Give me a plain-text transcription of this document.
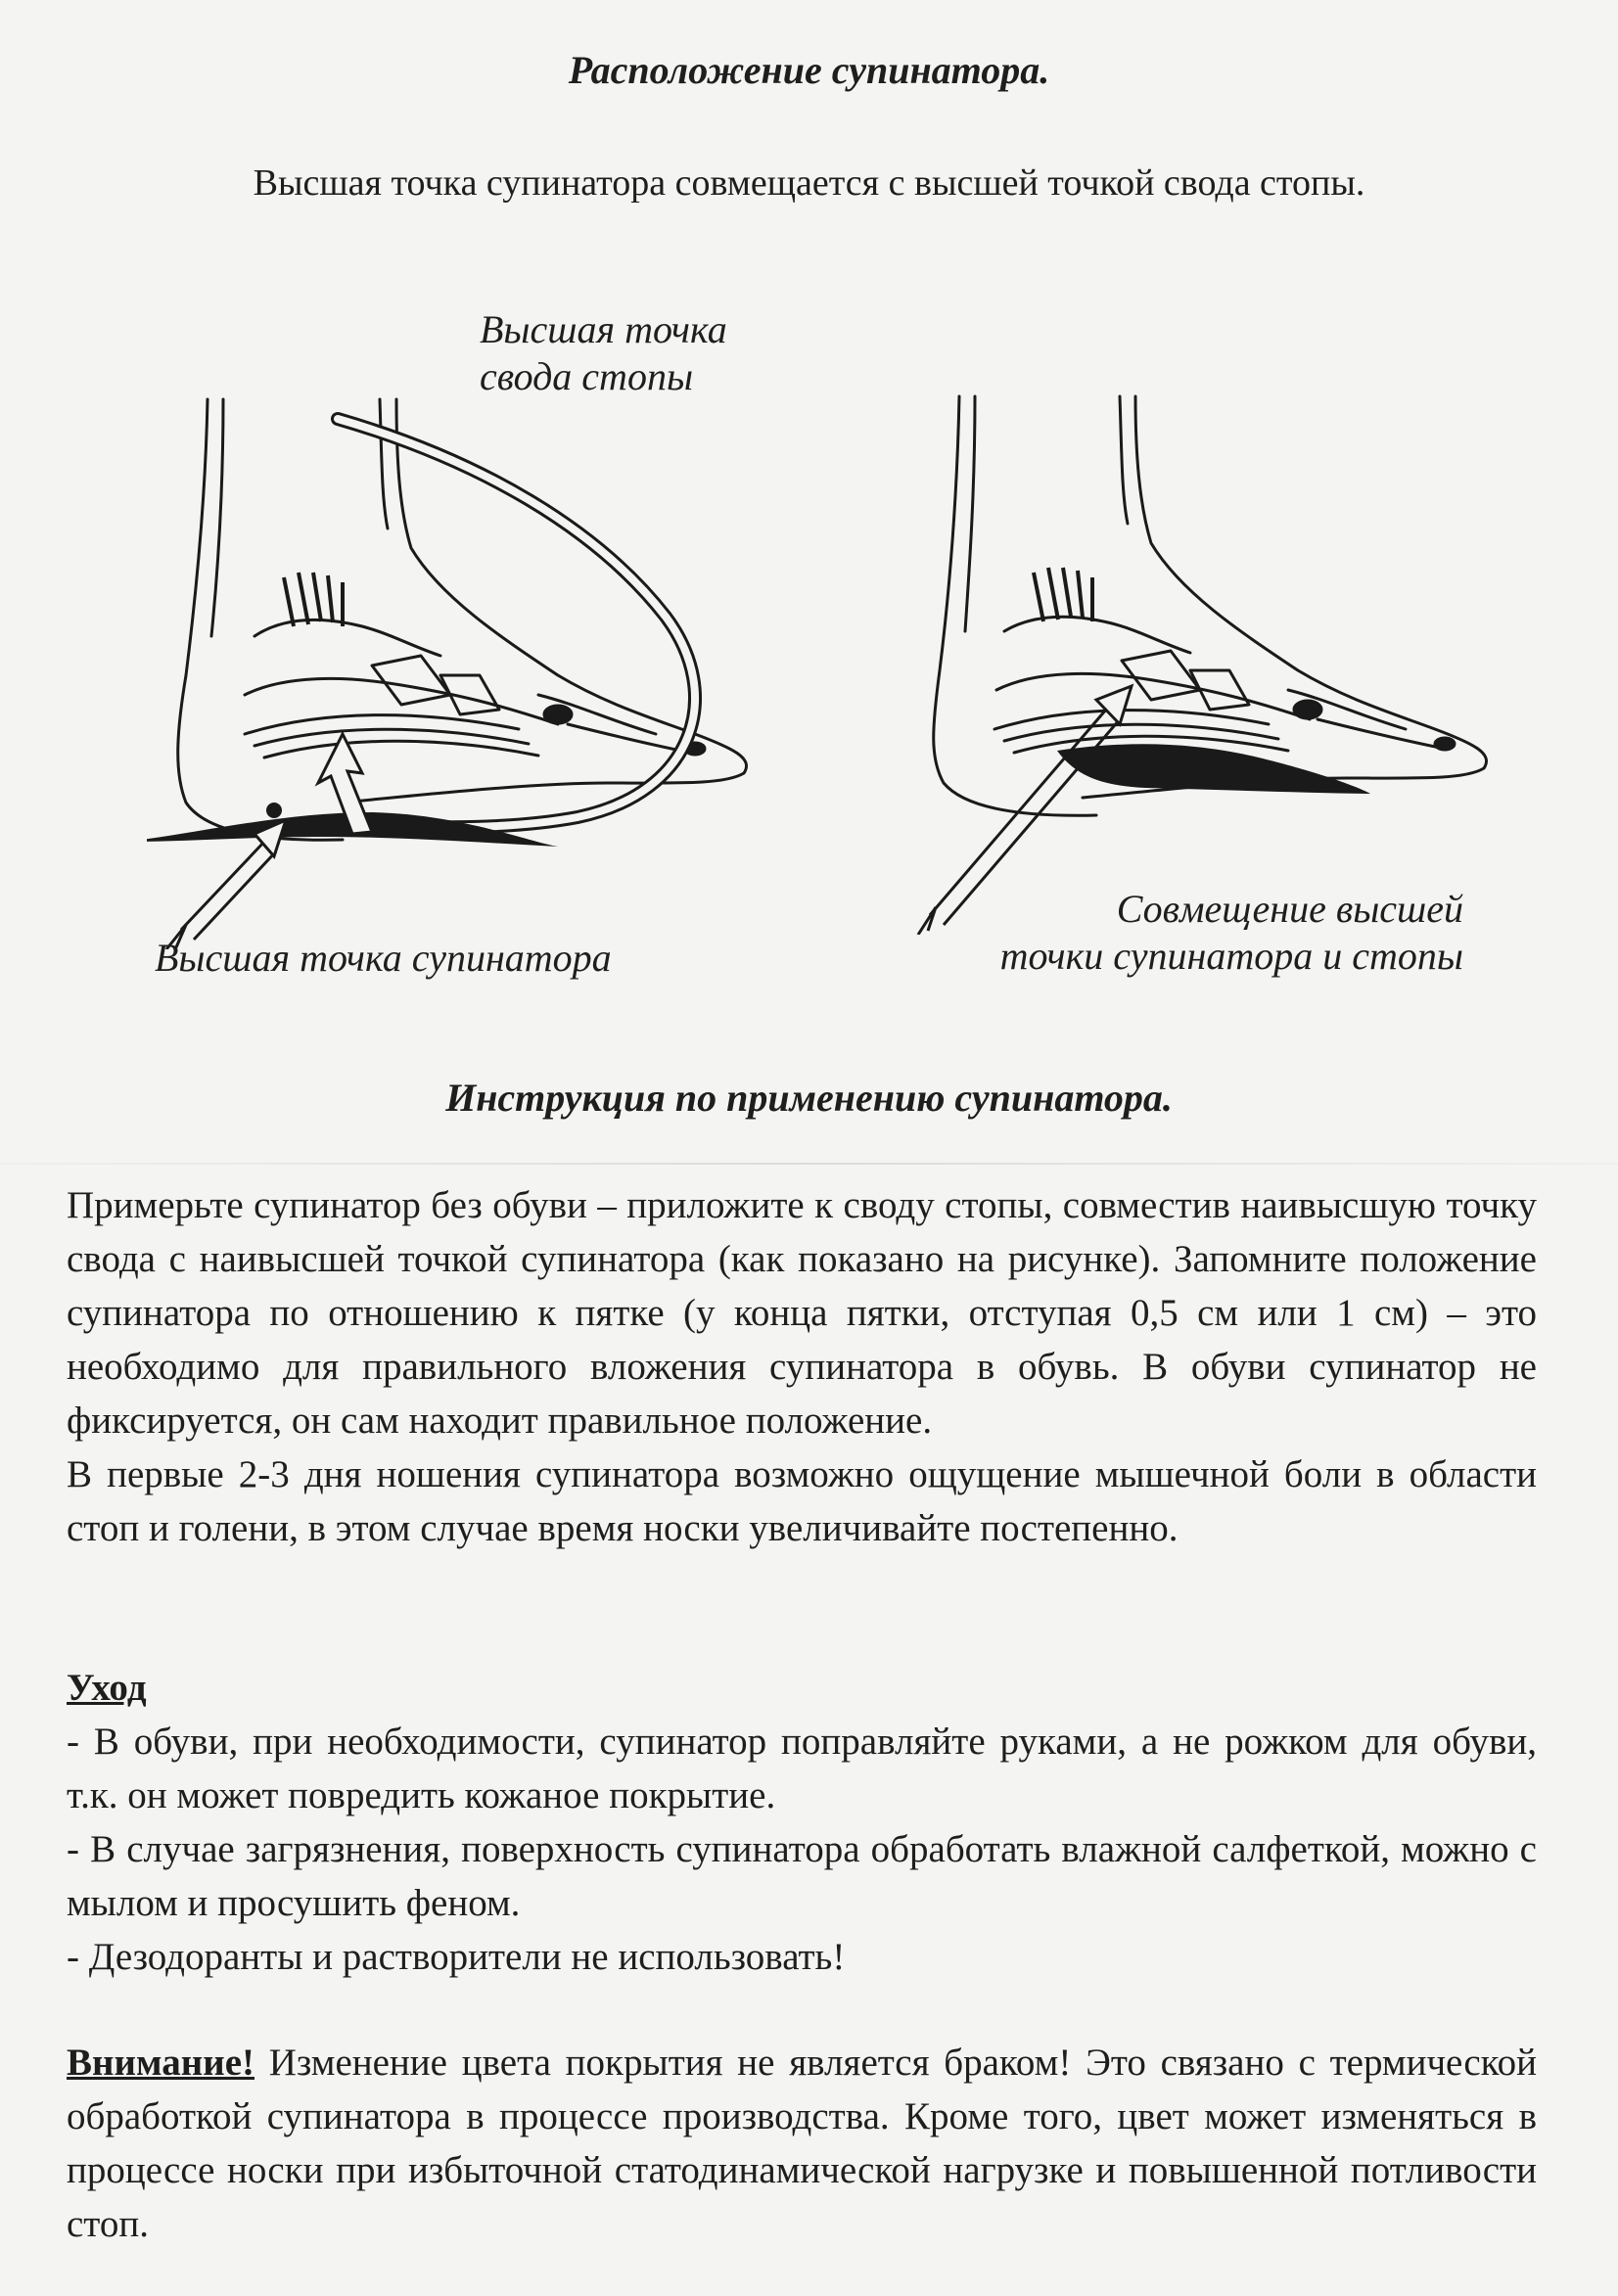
Расположение супинатора.
Высшая точка супинатора совмещается с высшей точкой свода стопы.
Высшая точка
свода стопы
Высшая точка супинатора
Совмещение высшей
точки супинатора и стопы
Инструкция по применению супинатора.

Примерьте супинатор без обуви – приложите к своду стопы, совместив наивысшую точку свода с наивысшей точкой супинатора (как показано на рисунке). Запомните положение супинатора по отношению к пятке (у конца пятки, отступая 0,5 см или 1 см) – это необходимо для правильного вложения супинатора в обувь. В обуви супинатор не фиксируется, он сам находит правильное положение.

В первые 2-3 дня ношения супинатора возможно ощущение мышечной боли в области стоп и голени, в этом случае время носки увеличивайте постепенно.

Уход

- В обуви, при необходимости, супинатор поправляйте руками, а не рожком для обуви, т.к. он может повредить кожаное покрытие.

- В случае загрязнения, поверхность супинатора обработать влажной салфеткой, можно с мылом и просушить феном.

- Дезодоранты и растворители не использовать!

Внимание! Изменение цвета покрытия не является браком! Это связано с термической обработкой супинатора в процессе производства. Кроме того, цвет может изменяться в процессе носки при избыточной статодинамической нагрузке и повышенной потливости стоп.
